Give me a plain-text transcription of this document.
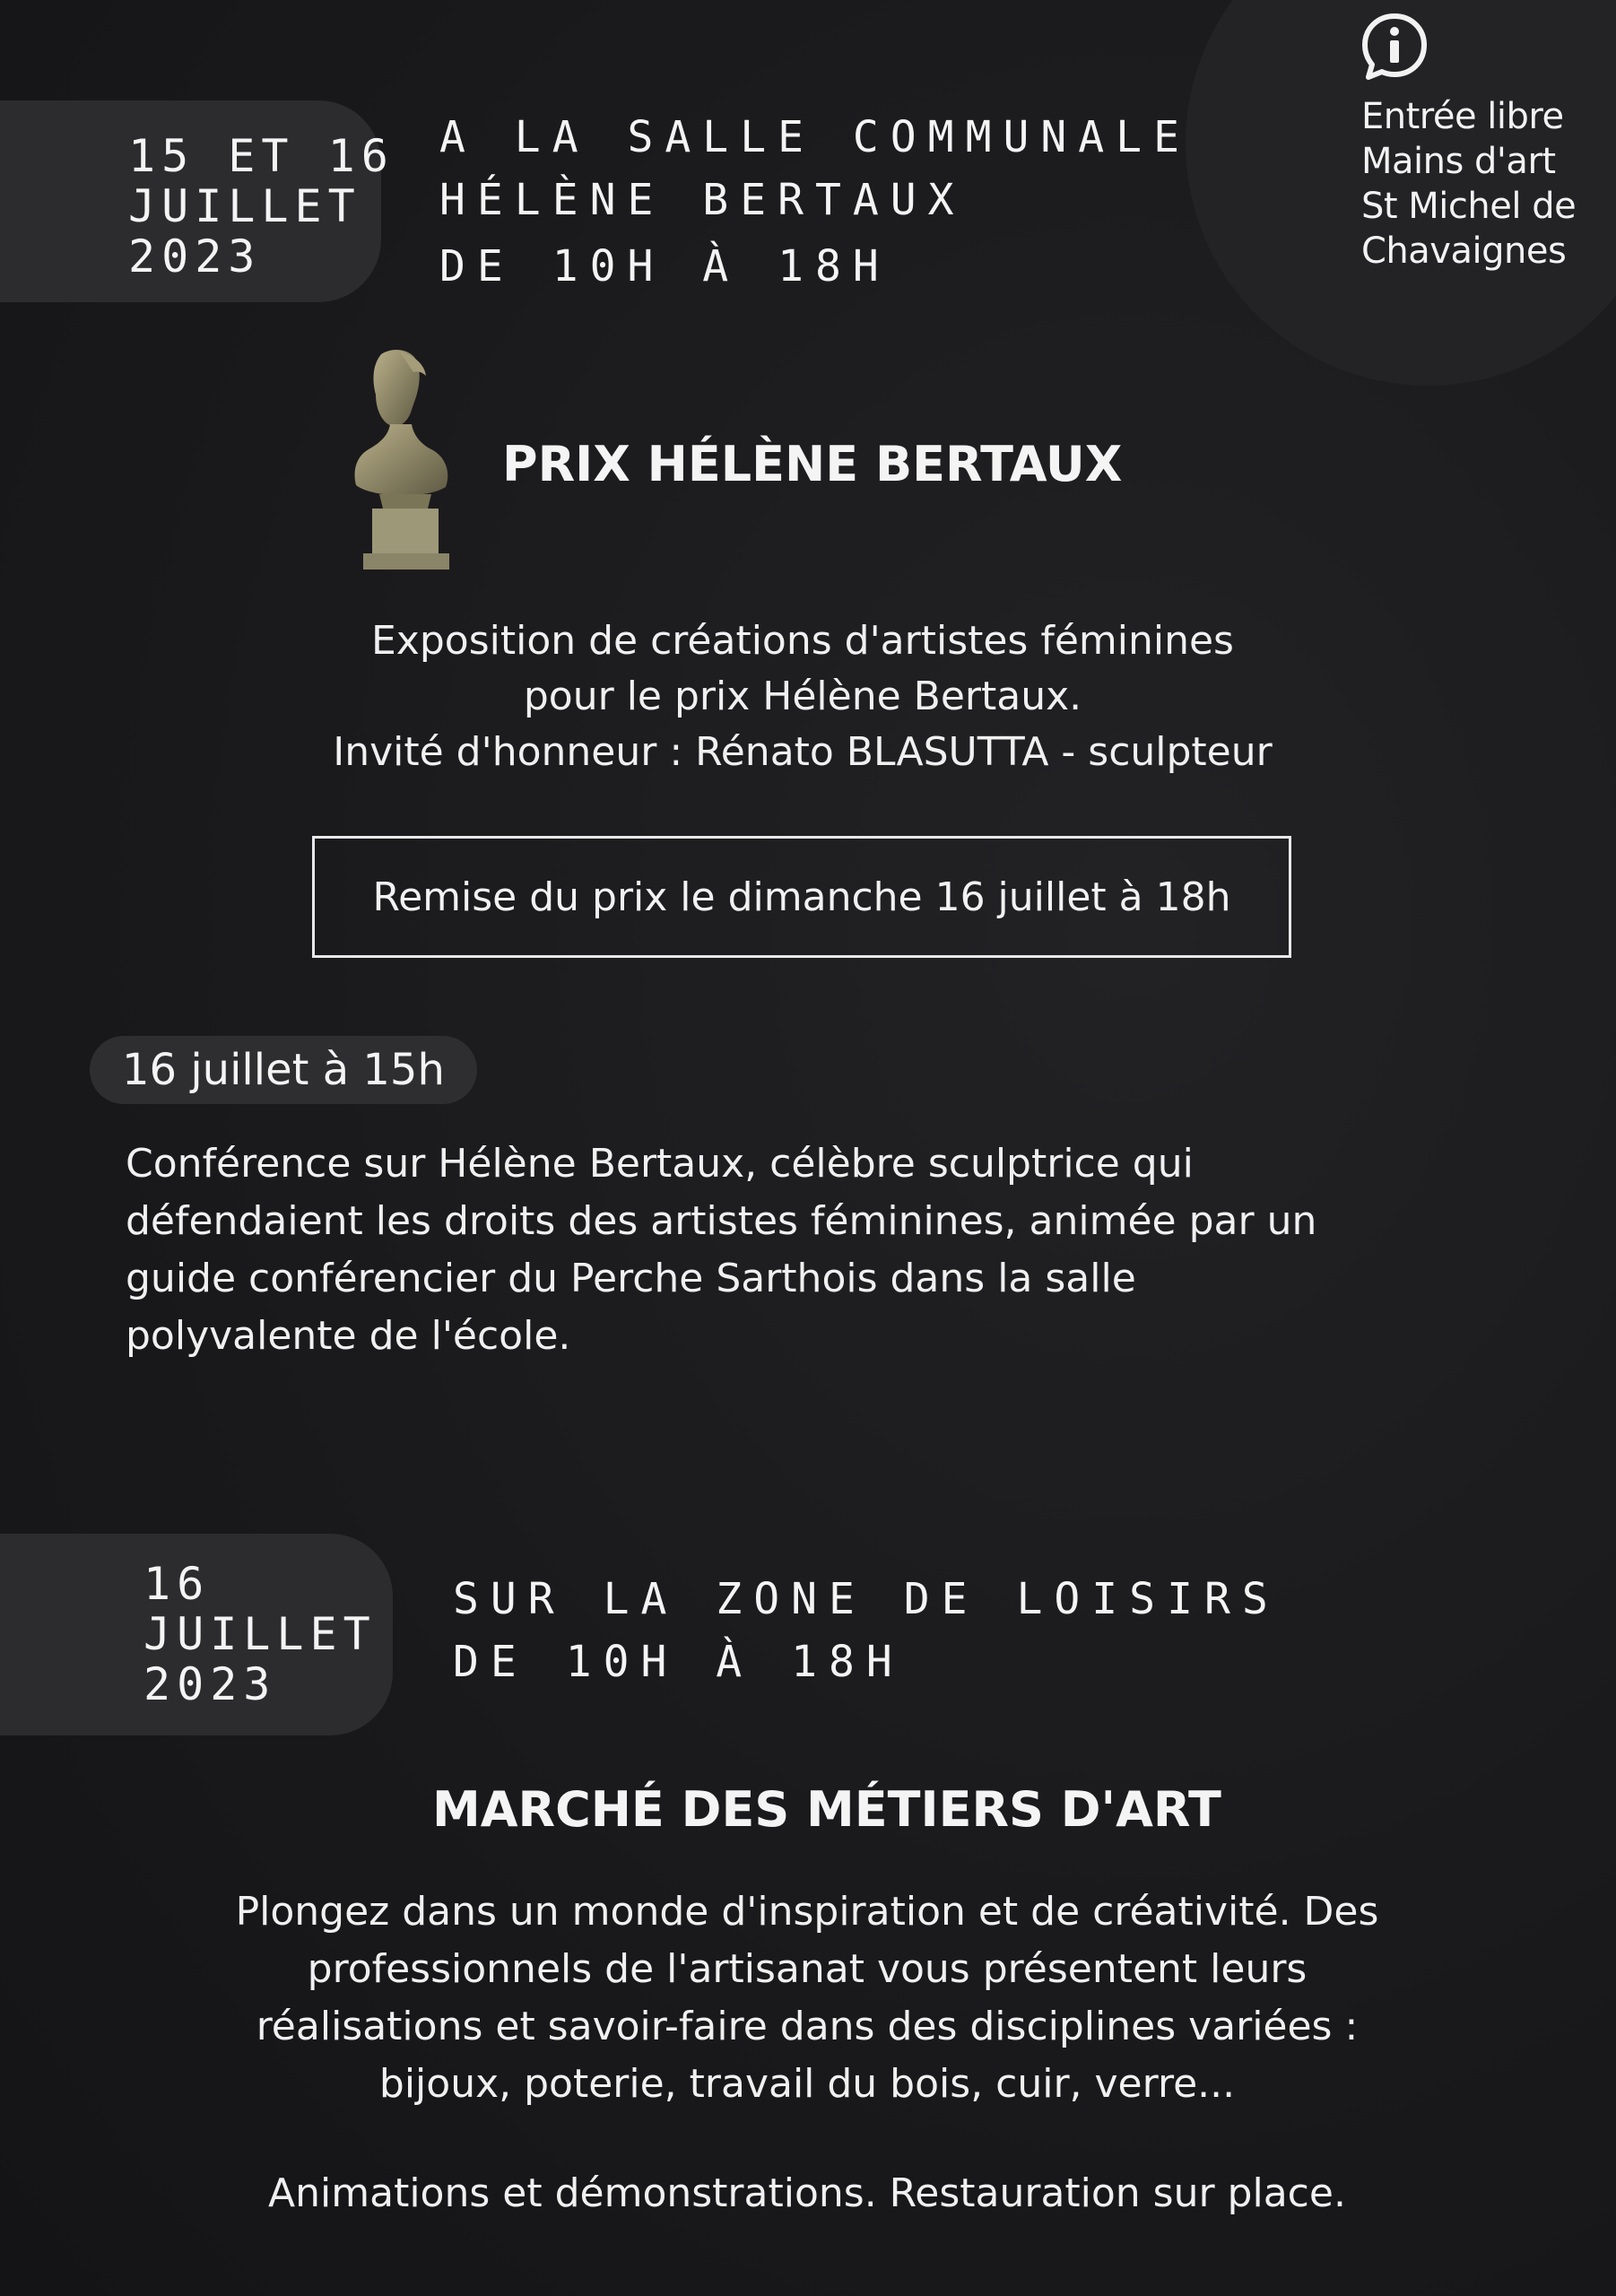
Entrée libre
Mains d'art
St Michel de
Chavaignes
15 ET 16
JUILLET
2023
A LA SALLE COMMUNALE
HÉLÈNE BERTAUX
DE 10H À 18H
PRIX HÉLÈNE BERTAUX
Exposition de créations d'artistes féminines
pour le prix Hélène Bertaux.
Invité d'honneur : Rénato BLASUTTA - sculpteur
Remise du prix le dimanche 16 juillet à 18h
16 juillet à 15h
Conférence sur Hélène Bertaux, célèbre sculptrice qui
défendaient les droits des artistes féminines, animée par un
guide conférencier du Perche Sarthois dans la salle
polyvalente de l'école.
16
JUILLET
2023
SUR LA ZONE DE LOISIRS
DE 10H À 18H
MARCHÉ DES MÉTIERS D'ART
Plongez dans un monde d'inspiration et de créativité. Des
professionnels de l'artisanat vous présentent leurs
réalisations et savoir-faire dans des disciplines variées :
bijoux, poterie, travail du bois, cuir, verre...
Animations et démonstrations. Restauration sur place.
